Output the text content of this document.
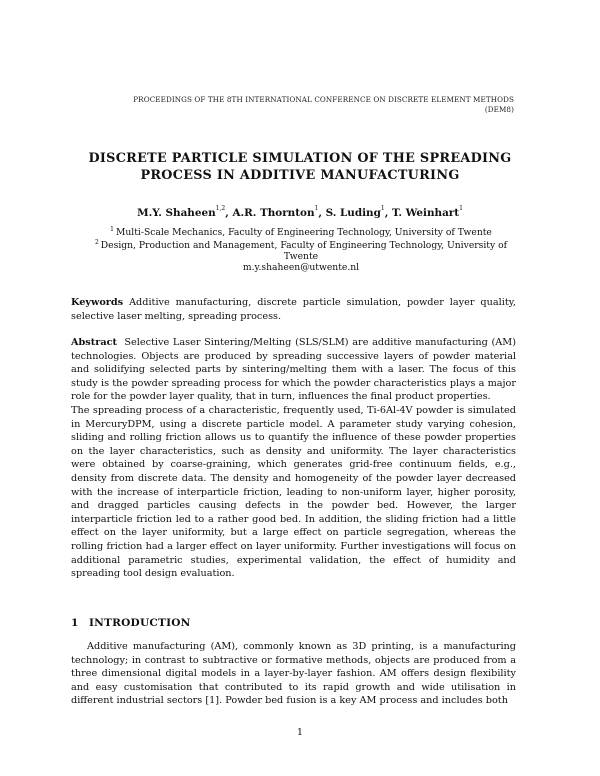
PROCEEDINGS OF THE 8TH INTERNATIONAL CONFERENCE ON DISCRETE ELEMENT METHODS
(DEM8)
DISCRETE PARTICLE SIMULATION OF THE SPREADING
PROCESS IN ADDITIVE MANUFACTURING
M.Y. Shaheen$^{1,2}$, A.R. Thornton$^1$, S. Luding$^1$, T. Weinhart$^1$
$^1$ Multi-Scale Mechanics, Faculty of Engineering Technology, University of Twente
$^2$ Design, Production and Management, Faculty of Engineering Technology, University of Twente
m.y.shaheen@utwente.nl
Keywords Additive manufacturing, discrete particle simulation, powder layer quality, selective laser melting, spreading process.
Abstract Selective Laser Sintering/Melting (SLS/SLM) are additive manufacturing (AM) technologies. Objects are produced by spreading successive layers of powder material and solidifying selected parts by sintering/melting them with a laser. The focus of this study is the powder spreading process for which the powder characteristics plays a major role for the powder layer quality, that in turn, influences the final product properties.
The spreading process of a characteristic, frequently used, Ti-6Al-4V powder is simulated in MercuryDPM, using a discrete particle model. A parameter study varying cohesion, sliding and rolling friction allows us to quantify the influence of these powder properties on the layer characteristics, such as density and uniformity. The layer characteristics were obtained by coarse-graining, which generates grid-free continuum fields, e.g., density from discrete data. The density and homogeneity of the powder layer decreased with the increase of interparticle friction, leading to non-uniform layer, higher porosity, and dragged particles causing defects in the powder bed. However, the larger interparticle friction led to a rather good bed. In addition, the sliding friction had a little effect on the layer uniformity, but a large effect on particle segregation, whereas the rolling friction had a larger effect on layer uniformity. Further investigations will focus on additional parametric studies, experimental validation, the effect of humidity and spreading tool design evaluation.
1 INTRODUCTION
Additive manufacturing (AM), commonly known as 3D printing, is a manufacturing technology; in contrast to subtractive or formative methods, objects are produced from a three dimensional digital models in a layer-by-layer fashion. AM offers design flexibility and easy customisation that contributed to its rapid growth and wide utilisation in different industrial sectors [1]. Powder bed fusion is a key AM process and includes both
1
